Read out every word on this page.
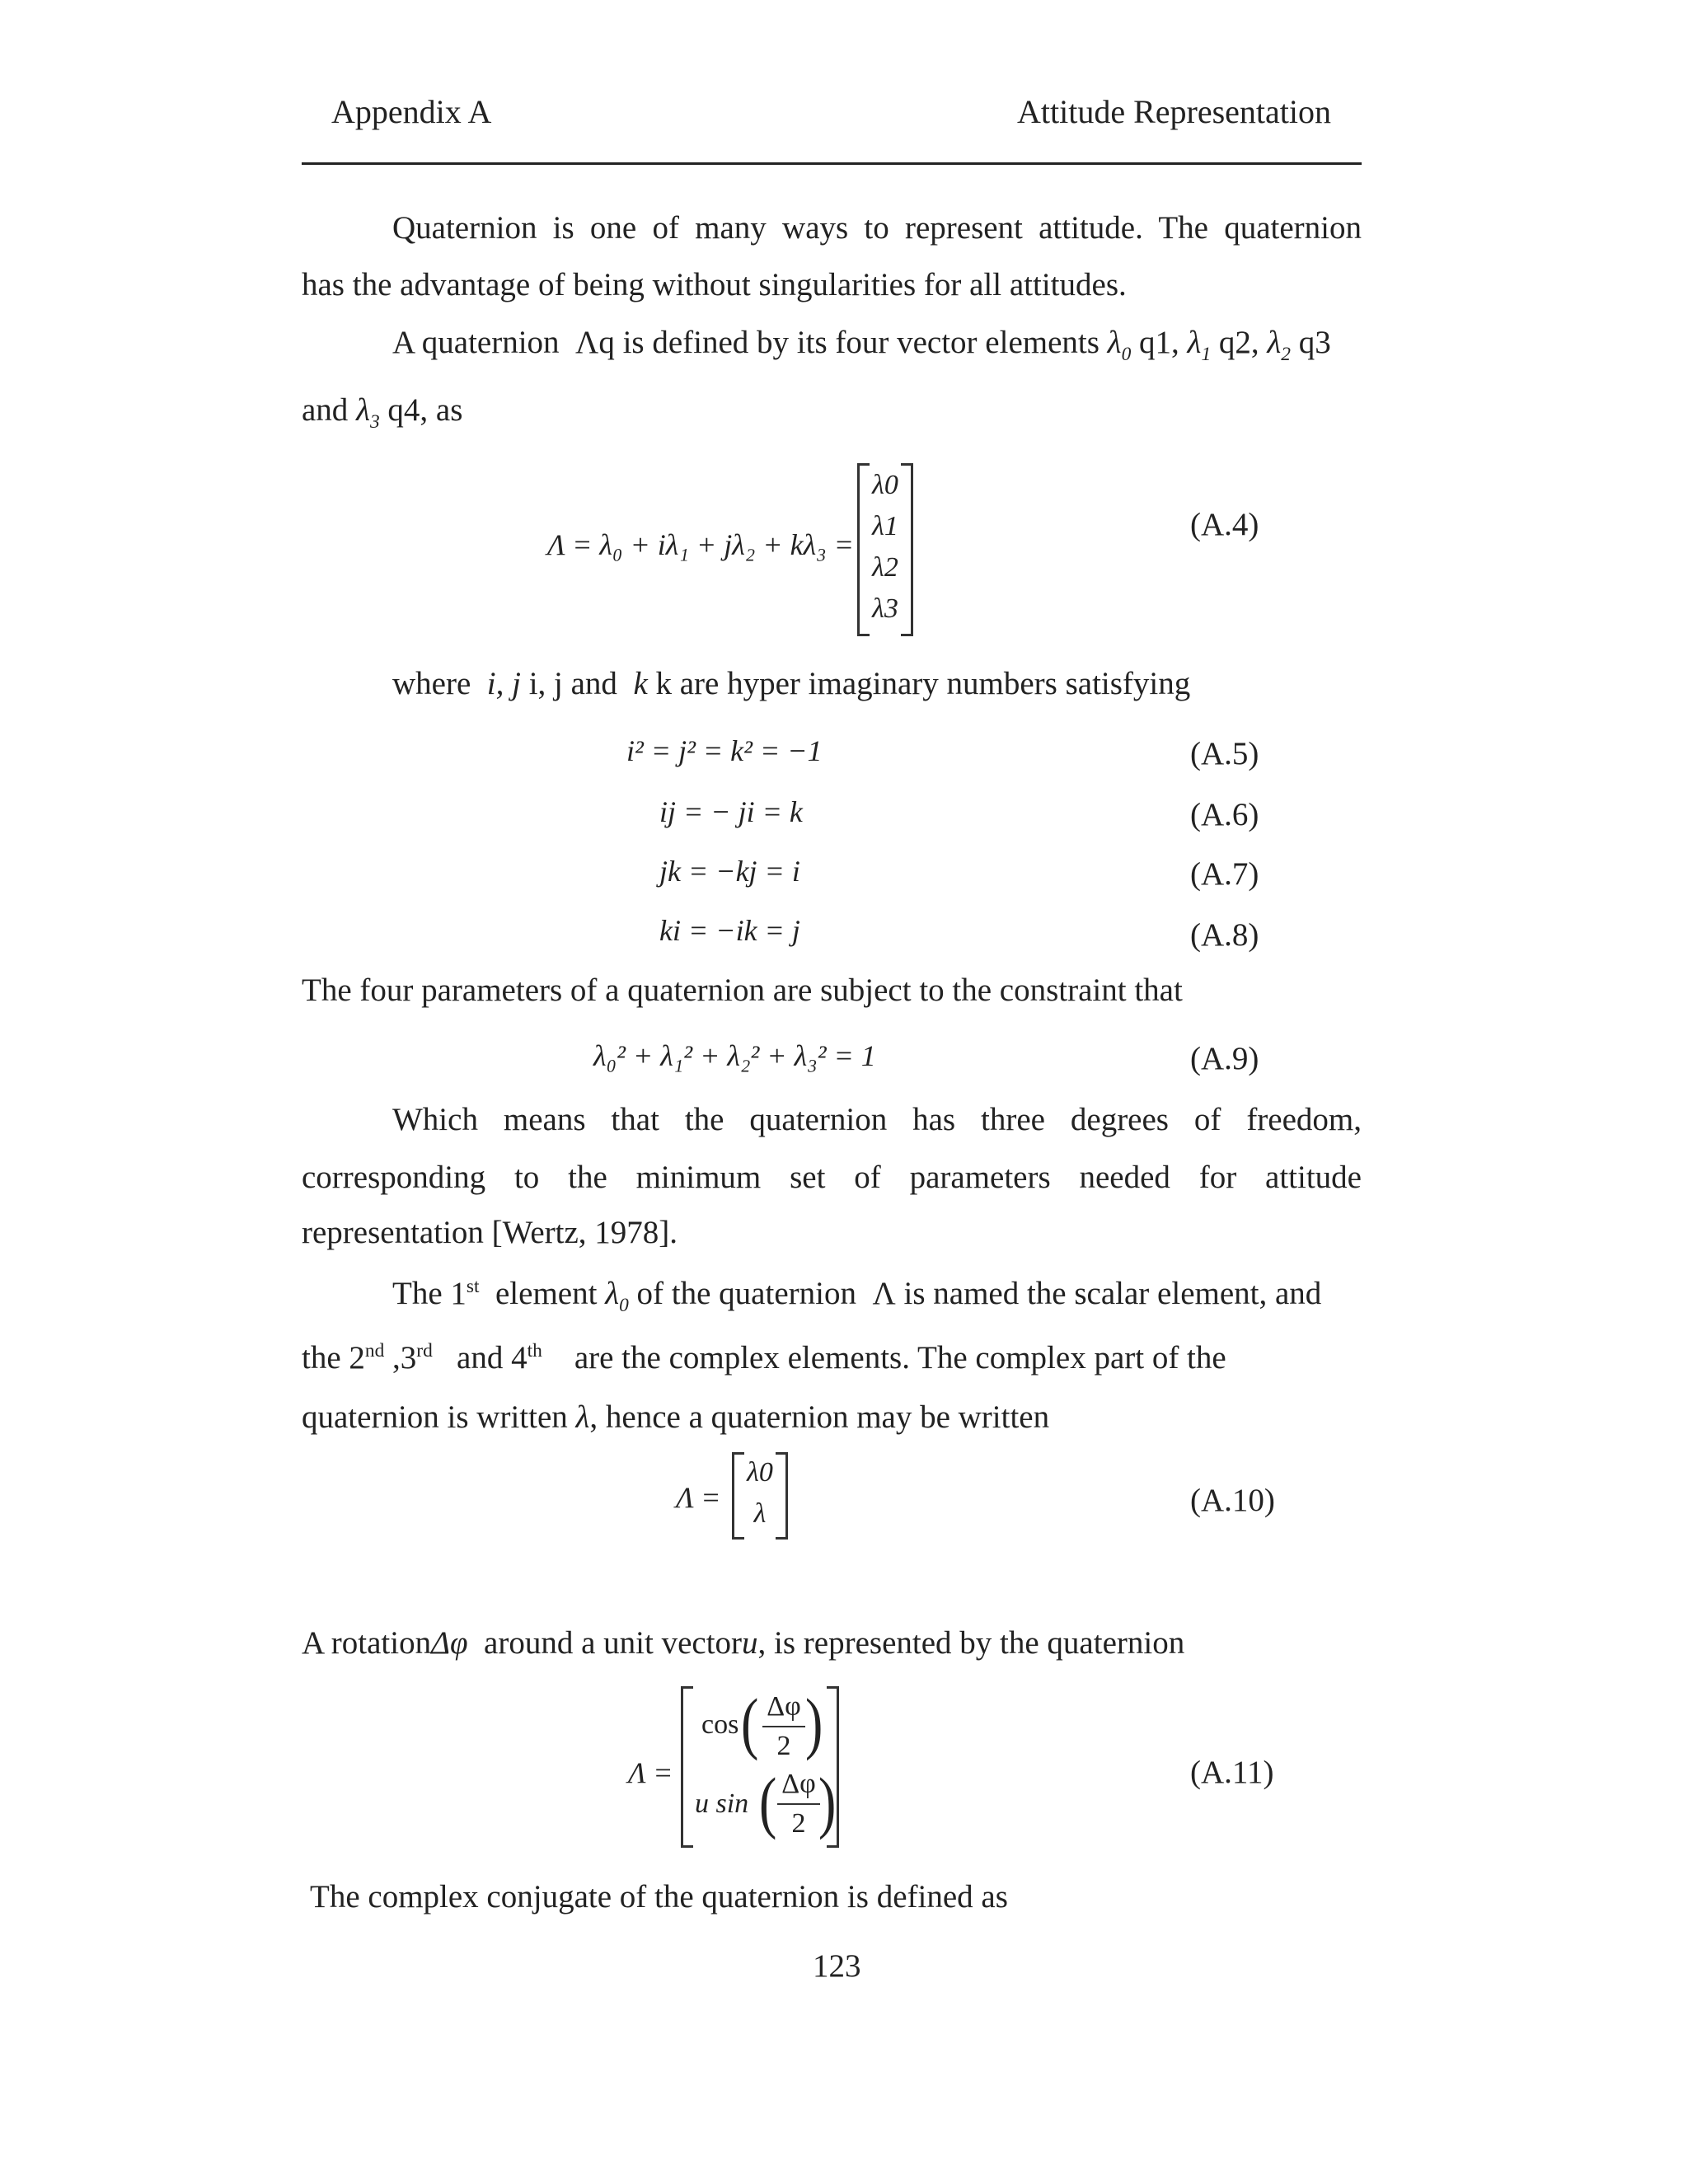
Appendix A	Attitude Representation
Quaternion is one of many ways to represent attitude. The quaternion
has the advantage of being without singularities for all attitudes.
A quaternion Λq is defined by its four vector elements $\lambda_0$ q1, $\lambda_1$ q2, $\lambda_2$ q3
and $\lambda_3$ q4, as
Λ = λ₀ + iλ₁ + jλ₂ + kλ₃ =
λ0
λ1
λ2
λ3
(A.4)
where i, j i, j and k k are hyper imaginary numbers satisfying
i² = j² = k² = −1	(A.5)
ij = − ji = k	(A.6)
jk = −kj = i	(A.7)
ki = −ik = j	(A.8)
The four parameters of a quaternion are subject to the constraint that
λ₀² + λ₁² + λ₂² + λ₃² = 1	(A.9)
Which means that the quaternion has three degrees of freedom,
corresponding to the minimum set of parameters needed for attitude
representation [Wertz, 1978].
The 1st element $\lambda_0$ of the quaternion Λ is named the scalar element, and
the 2nd ,3rd and 4th are the complex elements. The complex part of the
quaternion is written λ, hence a quaternion may be written
Λ =
λ0
λ	(A.10)
A rotationΔφ around a unit vectoru, is represented by the quaternion
Λ =
cos ( Δφ
2 )
u sin ( Δφ
2 )	(A.11)
The complex conjugate of the quaternion is defined as
123
